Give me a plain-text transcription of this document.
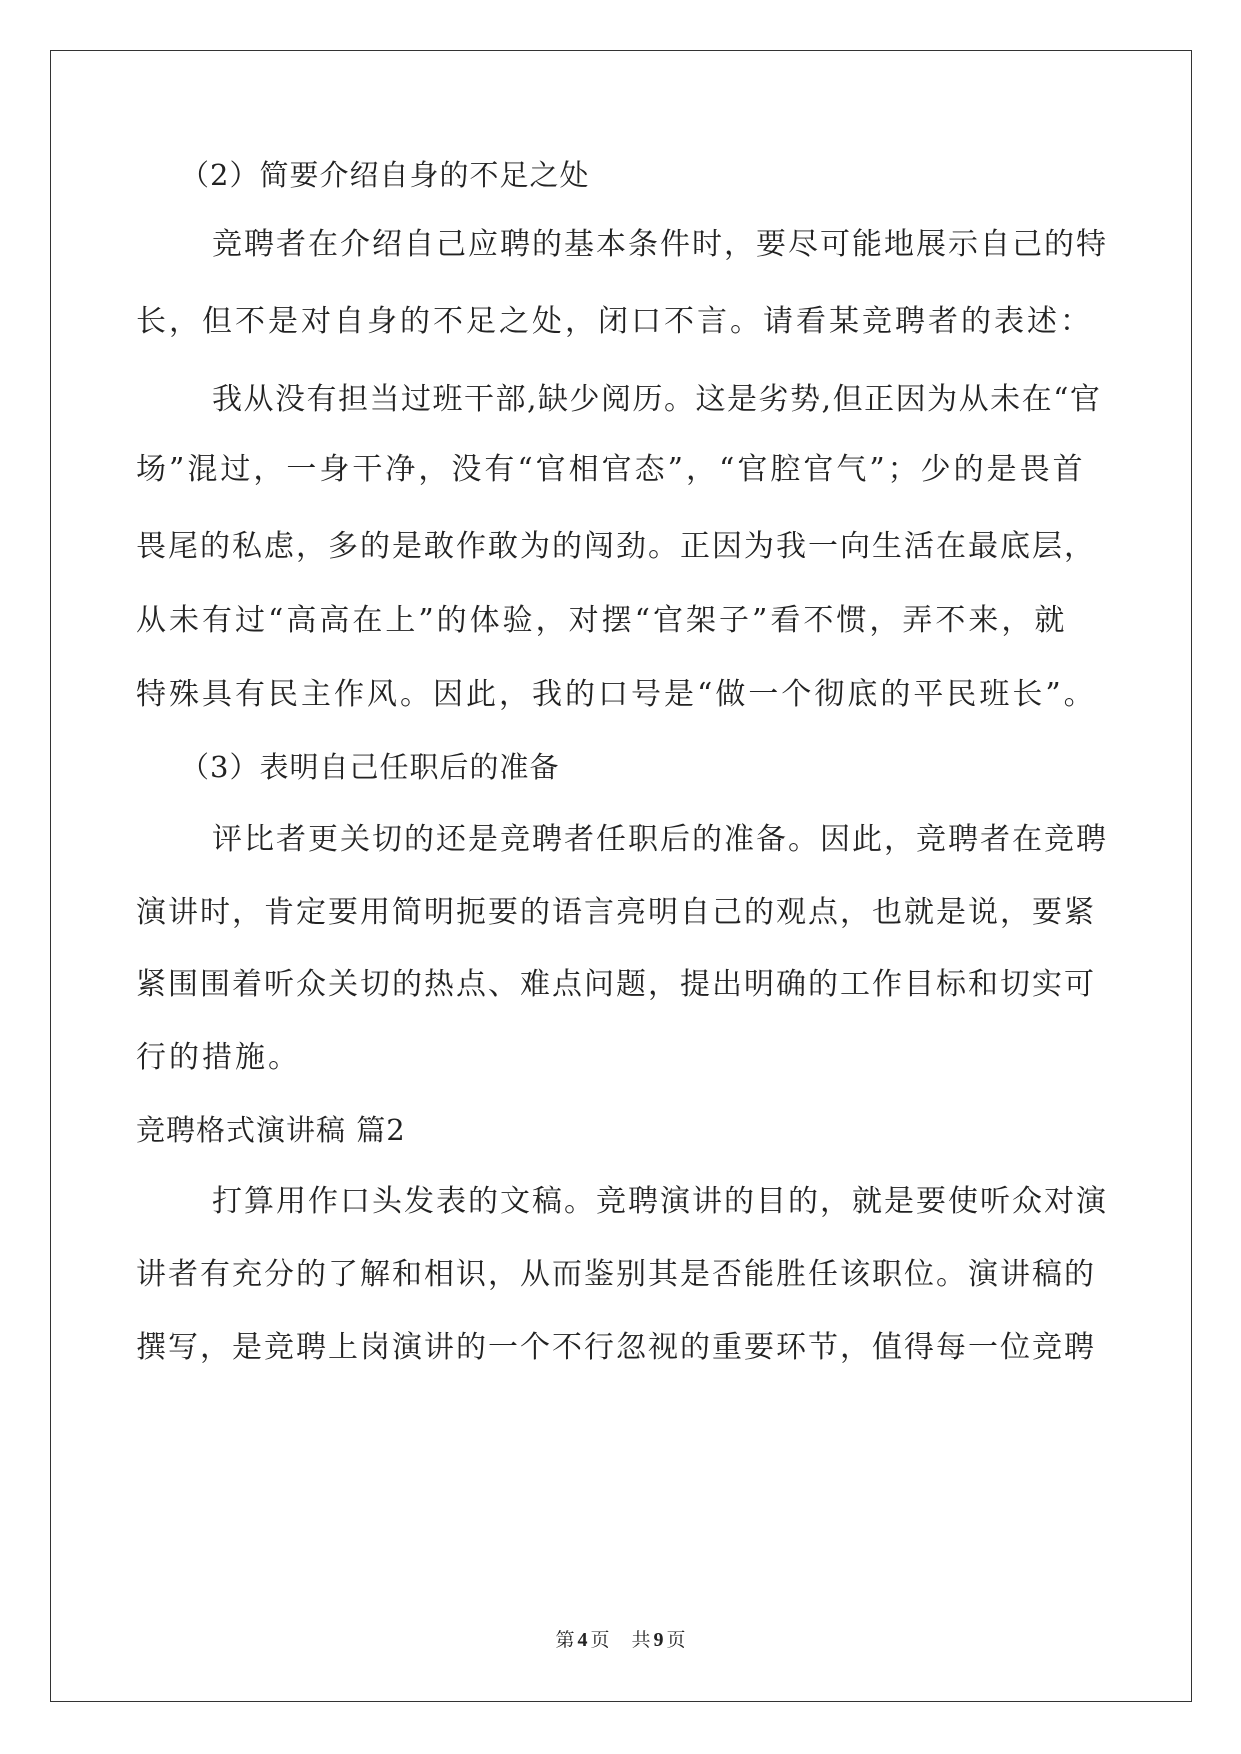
（2）简要介绍自身的不足之处
竞聘者在介绍自己应聘的基本条件时，要尽可能地展示自己的特
长，但不是对自身的不足之处，闭口不言。请看某竞聘者的表述：
我从没有担当过班干部,缺少阅历。这是劣势,但正因为从未在“官
场”混过，一身干净，没有“官相官态”，“官腔官气”；少的是畏首
畏尾的私虑，多的是敢作敢为的闯劲。正因为我一向生活在最底层，
从未有过“高高在上”的体验，对摆“官架子”看不惯，弄不来，就
特殊具有民主作风。因此，我的口号是“做一个彻底的平民班长”。
（3）表明自己任职后的准备
评比者更关切的还是竞聘者任职后的准备。因此，竞聘者在竞聘
演讲时，肯定要用简明扼要的语言亮明自己的观点，也就是说，要紧
紧围围着听众关切的热点、难点问题，提出明确的工作目标和切实可
行的措施。
竞聘格式演讲稿 篇2
打算用作口头发表的文稿。竞聘演讲的目的，就是要使听众对演
讲者有充分的了解和相识，从而鉴别其是否能胜任该职位。演讲稿的
撰写，是竞聘上岗演讲的一个不行忽视的重要环节，值得每一位竞聘
第 4 页 共 9 页
